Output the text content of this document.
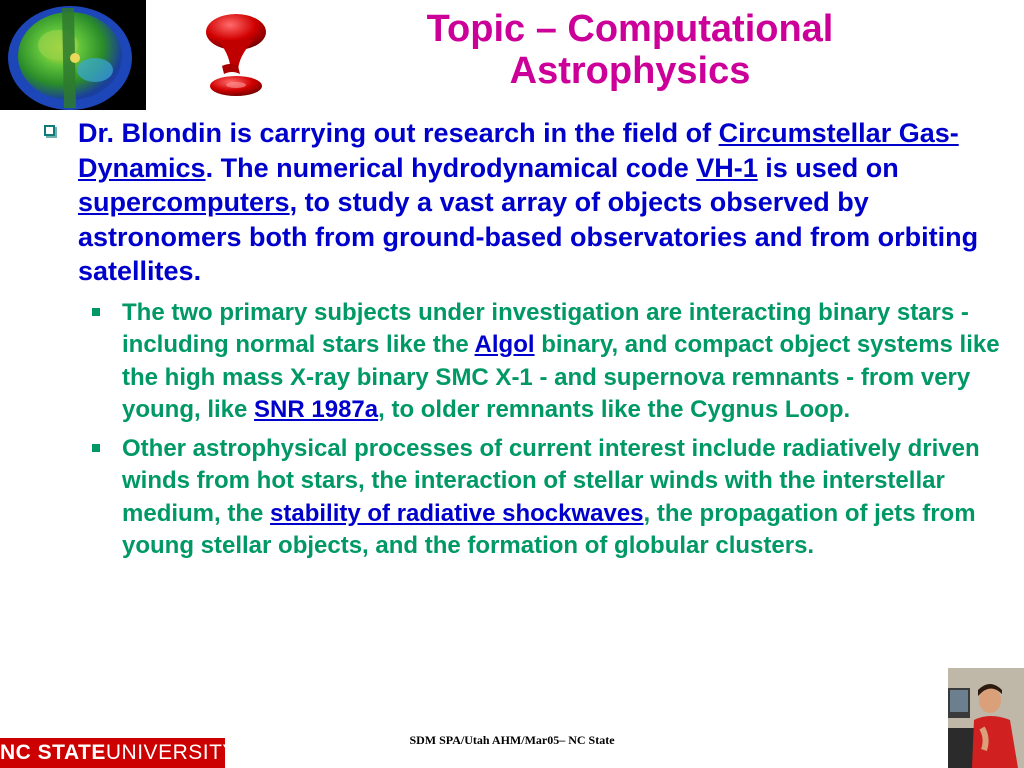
Topic – Computational
Astrophysics
Dr. Blondin is carrying out research in the field of Circumstellar Gas-Dynamics. The numerical hydrodynamical code VH-1 is used on supercomputers, to study a vast array of objects observed by astronomers both from ground-based observatories and from orbiting satellites.
The two primary subjects under investigation are interacting binary stars - including normal stars like the Algol binary, and compact object systems like the high mass X-ray binary SMC X-1 - and supernova remnants - from very young, like SNR 1987a, to older remnants like the Cygnus Loop.
Other astrophysical processes of current interest include radiatively driven winds from hot stars, the interaction of stellar winds with the interstellar medium, the stability of radiative shockwaves, the propagation of jets from young stellar objects, and the formation of globular clusters.
SDM SPA/Utah AHM/Mar05– NC State
NC STATEUNIVERSITY
